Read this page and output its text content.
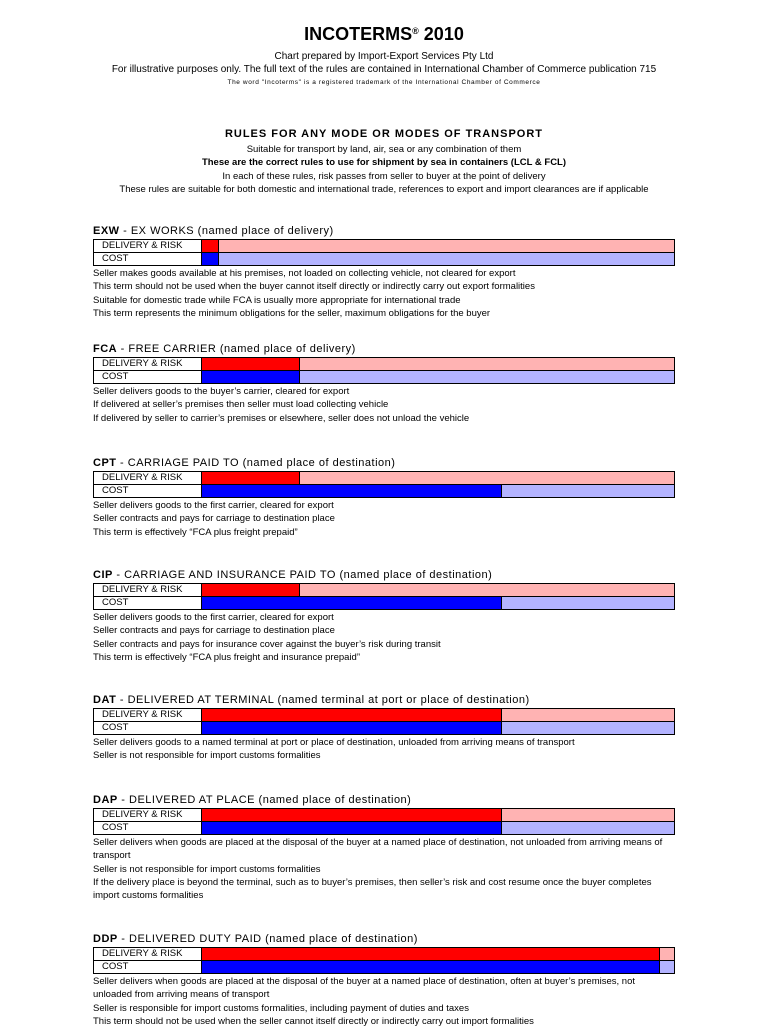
INCOTERMS® 2010
Chart prepared by Import-Export Services Pty Ltd
For illustrative purposes only. The full text of the rules are contained in International Chamber of Commerce publication 715
The word "Incoterms" is a registered trademark of the International Chamber of Commerce
RULES FOR ANY MODE OR MODES OF TRANSPORT
Suitable for transport by land, air, sea or any combination of them
These are the correct rules to use for shipment by sea in containers (LCL & FCL)
In each of these rules, risk passes from seller to buyer at the point of delivery
These rules are suitable for both domestic and international trade, references to export and import clearances are if applicable
EXW - EX WORKS (named place of delivery)
DELIVERY & RISK
COST
Seller makes goods available at his premises, not loaded on collecting vehicle, not cleared for export
This term should not be used when the buyer cannot itself directly or indirectly carry out export formalities
Suitable for domestic trade while FCA is usually more appropriate for international trade
This term represents the minimum obligations for the seller, maximum obligations for the buyer
FCA - FREE CARRIER (named place of delivery)
DELIVERY & RISK
COST
Seller delivers goods to the buyer’s carrier, cleared for export
If delivered at seller’s premises then seller must load collecting vehicle
If delivered by seller to carrier’s premises or elsewhere, seller does not unload the vehicle
CPT - CARRIAGE PAID TO (named place of destination)
DELIVERY & RISK
COST
Seller delivers goods to the first carrier, cleared for export
Seller contracts and pays for carriage to destination place
This term is effectively “FCA plus freight prepaid”
CIP - CARRIAGE AND INSURANCE PAID TO (named place of destination)
DELIVERY & RISK
COST
Seller delivers goods to the first carrier, cleared for export
Seller contracts and pays for carriage to destination place
Seller contracts and pays for insurance cover against the buyer’s risk during transit
This term is effectively “FCA plus freight and insurance prepaid”
DAT - DELIVERED AT TERMINAL (named terminal at port or place of destination)
DELIVERY & RISK
COST
Seller delivers goods to a named terminal at port or place of destination, unloaded from arriving means of transport
Seller is not responsible for import customs formalities
DAP - DELIVERED AT PLACE (named place of destination)
DELIVERY & RISK
COST
Seller delivers when goods are placed at the disposal of the buyer at a named place of destination, not unloaded from arriving means of transport
Seller is not responsible for import customs formalities
If the delivery place is beyond the terminal, such as to buyer’s premises, then seller’s risk and cost resume once the buyer completes import customs formalities
DDP - DELIVERED DUTY PAID (named place of destination)
DELIVERY & RISK
COST
Seller delivers when goods are placed at the disposal of the buyer at a named place of destination, often at buyer’s premises, not unloaded from arriving means of transport
Seller is responsible for import customs formalities, including payment of duties and taxes
This term should not be used when the seller cannot itself directly or indirectly carry out import formalities
